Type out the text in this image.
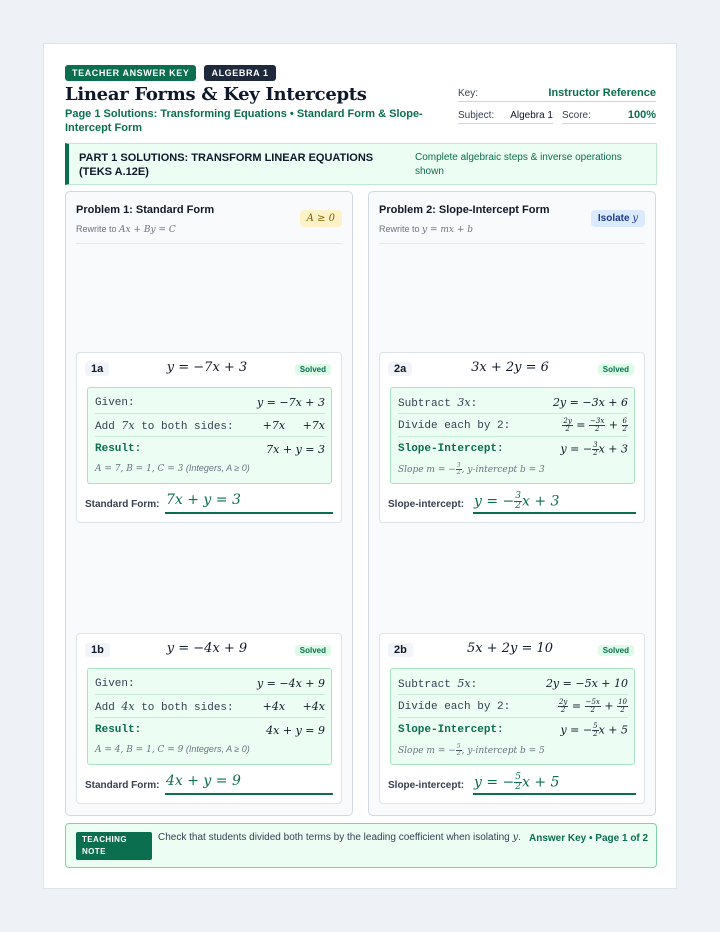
TEACHER ANSWER KEY	ALGEBRA 1
Linear Forms & Key Intercepts
Page 1 Solutions: Transforming Equations • Standard Form & Slope-Intercept Form
Key:	Instructor Reference
Subject: Algebra 1 Score:	100%
PART 1 SOLUTIONS: TRANSFORM LINEAR EQUATIONS (TEKS A.12E)
Complete algebraic steps & inverse operations shown
Problem 1: Standard Form
Rewrite to Ax + By = C
A ≥ 0
1a	y = −7x + 3	Solved
Given:	y = −7x + 3
Add 7x to both sides:	+7x     +7x
Result:	7x + y = 3
A = 7, B = 1, C = 3 (Integers, A ≥ 0)
Standard Form: 7x + y = 3
1b	y = −4x + 9	Solved
Given:	y = −4x + 9
Add 4x to both sides:	+4x     +4x
Result:	4x + y = 9
A = 4, B = 1, C = 9 (Integers, A ≥ 0)
Standard Form: 4x + y = 9
Problem 2: Slope-Intercept Form
Rewrite to y = mx + b
Isolate y
2a	3x + 2y = 6	Solved
Subtract 3x:	2y = −3x + 6
Divide each by 2:	$\frac{2y}{2} = \frac{-3x}{2} + \frac{6}{2}$
Slope-Intercept:	y = − $\frac{3}{2}$ x + 3
Slope m = − $\frac{3}{2}$ , y-intercept b = 3
Slope-intercept: y = − $\frac{3}{2}$ x + 3
2b	5x + 2y = 10	Solved
Subtract 5x:	2y = −5x + 10
Divide each by 2:	$\frac{2y}{2} = \frac{-5x}{2} + \frac{10}{2}$
Slope-Intercept:	y = − $\frac{5}{2}$ x + 5
Slope m = − $\frac{5}{2}$ , y-intercept b = 5
Slope-intercept: y = − $\frac{5}{2}$ x + 5
TEACHING NOTE
Check that students divided both terms by the leading coefficient when isolating y. Answer Key • Page 1 of 2
